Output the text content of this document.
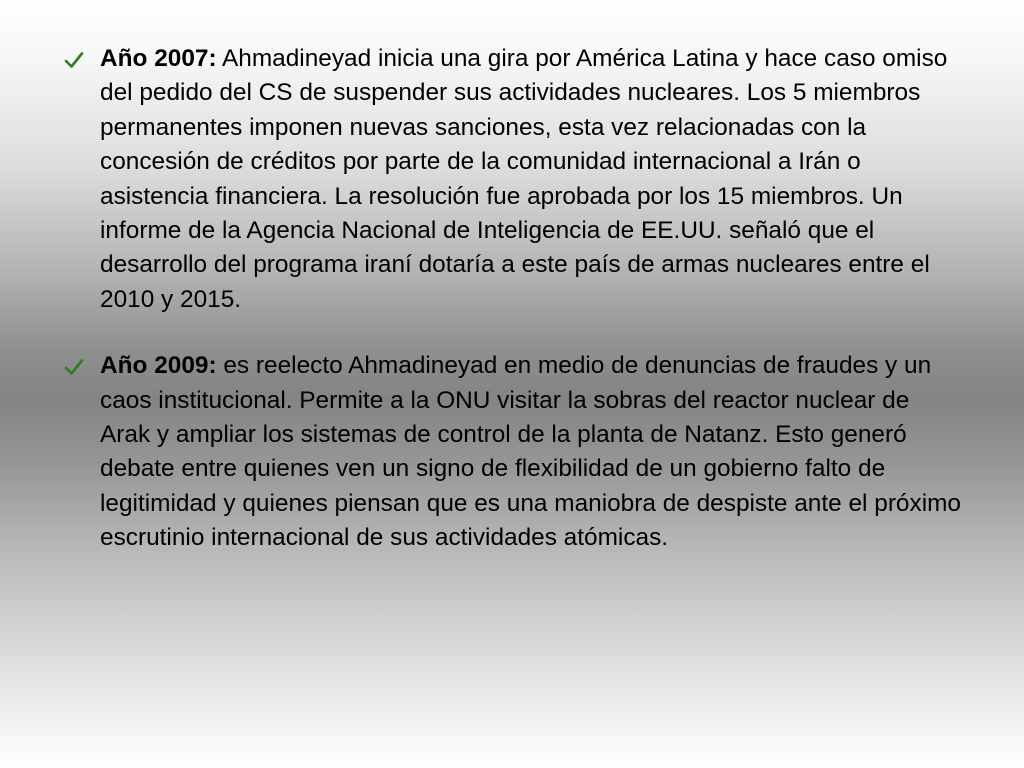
Año 2007: Ahmadineyad inicia una gira por América Latina y hace caso omiso del pedido del CS de suspender sus actividades nucleares. Los 5 miembros permanentes imponen nuevas sanciones, esta vez relacionadas con la concesión de créditos por parte de la comunidad internacional a Irán o asistencia financiera. La resolución fue aprobada por los 15 miembros. Un informe de la Agencia Nacional de Inteligencia de EE.UU. señaló que el desarrollo del programa iraní dotaría a este país de armas nucleares entre el 2010 y 2015.
Año 2009: es reelecto Ahmadineyad en medio de denuncias de fraudes y un caos institucional. Permite a la ONU visitar la sobras del reactor nuclear de Arak y ampliar los sistemas de control de la planta de Natanz. Esto generó debate entre quienes ven un signo de flexibilidad de un gobierno falto de legitimidad y quienes piensan que es una maniobra de despiste ante el próximo escrutinio internacional de sus actividades atómicas.
